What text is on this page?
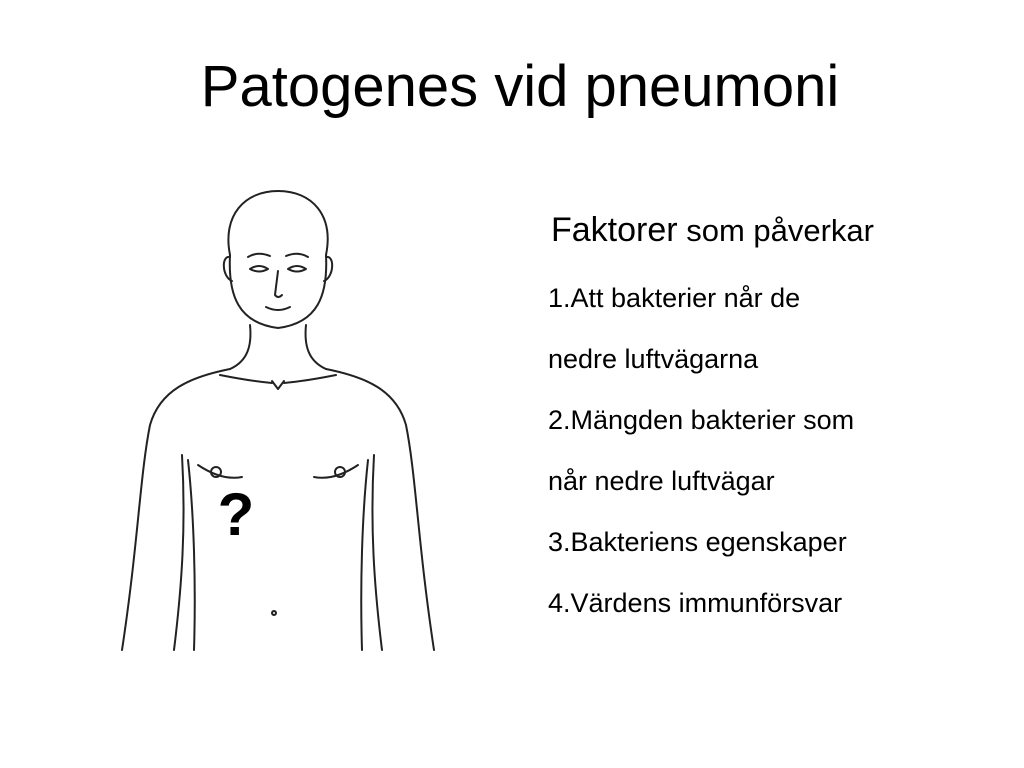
Patogenes vid pneumoni
?
Faktorer som påverkar
1.Att bakterier når de
nedre luftvägarna
2.Mängden bakterier som
når nedre luftvägar
3.Bakteriens egenskaper
4.Värdens immunförsvar
